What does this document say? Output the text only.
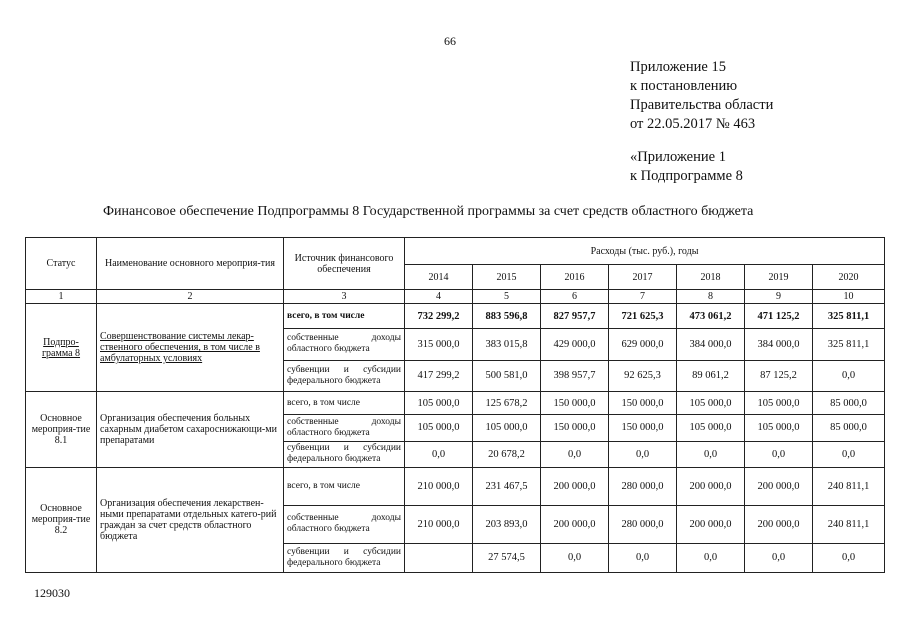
66
Приложение 15
к постановлению
Правительства области
от 22.05.2017 № 463
«Приложение 1
к Подпрограмме 8
Финансовое обеспечение Подпрограммы 8 Государственной программы за счет средств областного бюджета
Статус	Наименование основного мероприя-тия	Источник финансового обеспечения	Расходы (тыс. руб.), годы						
			2014	2015	2016	2017	2018	2019	2020
1	2	3	4	5	6	7	8	9	10
Подпро-грамма 8	Совершенствование системы лекар-ственного обеспечения, в том числе в амбулаторных условиях	всего, в том числе	732 299,2	883 596,8	827 957,7	721 625,3	473 061,2	471 125,2	325 811,1
		собственные доходы областного бюджета	315 000,0	383 015,8	429 000,0	629 000,0	384 000,0	384 000,0	325 811,1
		субвенции и субсидии федерального бюджета	417 299,2	500 581,0	398 957,7	92 625,3	89 061,2	87 125,2	0,0
Основное мероприя-тие 8.1	Организация обеспечения больных сахарным диабетом сахароснижающи-ми препаратами	всего, в том числе	105 000,0	125 678,2	150 000,0	150 000,0	105 000,0	105 000,0	85 000,0
		собственные доходы областного бюджета	105 000,0	105 000,0	150 000,0	150 000,0	105 000,0	105 000,0	85 000,0
		субвенции и субсидии федерального бюджета	0,0	20 678,2	0,0	0,0	0,0	0,0	0,0
Основное мероприя-тие 8.2	Организация обеспечения лекарствен-ными препаратами отдельных катего-рий граждан за счет средств областного бюджета	всего, в том числе	210 000,0	231 467,5	200 000,0	280 000,0	200 000,0	200 000,0	240 811,1
		собственные доходы областного бюджета	210 000,0	203 893,0	200 000,0	280 000,0	200 000,0	200 000,0	240 811,1
		субвенции и субсидии федерального бюджета		27 574,5	0,0	0,0	0,0	0,0	0,0
129030
